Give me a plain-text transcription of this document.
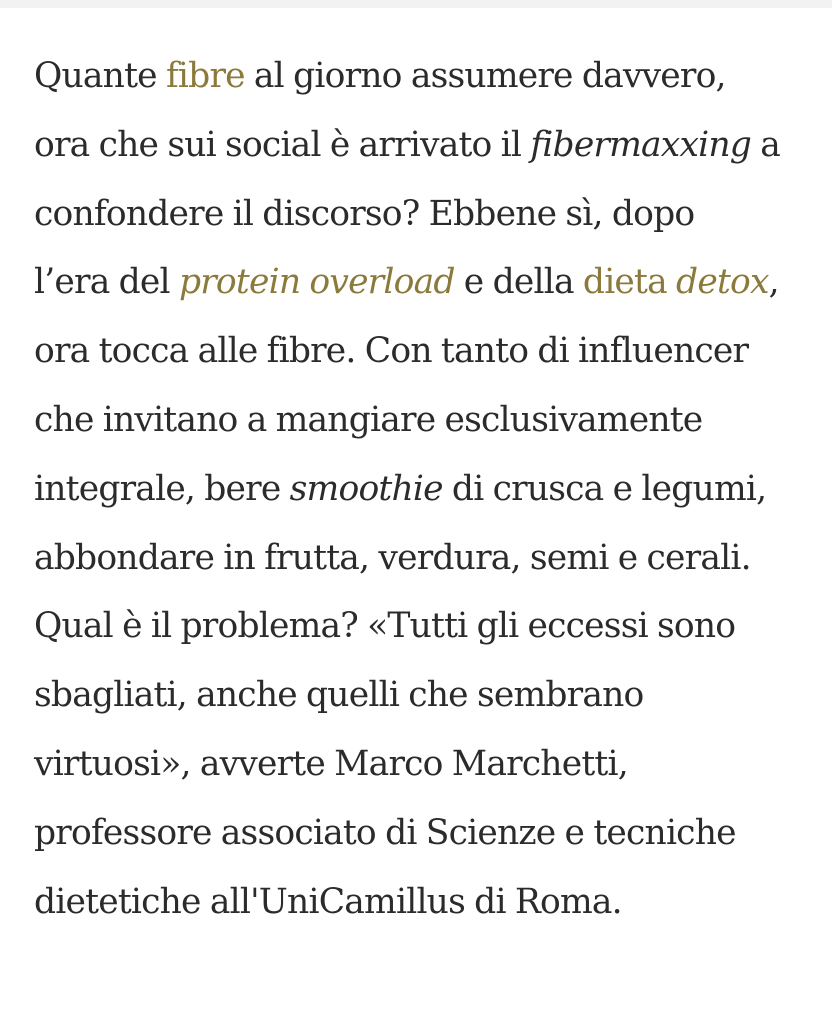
Quante fibre al giorno assumere davvero,
ora che sui social è arrivato il fibermaxxing a
confondere il discorso? Ebbene sì, dopo
l’era del protein overload e della dieta detox,
ora tocca alle fibre. Con tanto di influencer
che invitano a mangiare esclusivamente
integrale, bere smoothie di crusca e legumi,
abbondare in frutta, verdura, semi e cerali.
Qual è il problema? «Tutti gli eccessi sono
sbagliati, anche quelli che sembrano
virtuosi», avverte Marco Marchetti,
professore associato di Scienze e tecniche
dietetiche all'UniCamillus di Roma.
